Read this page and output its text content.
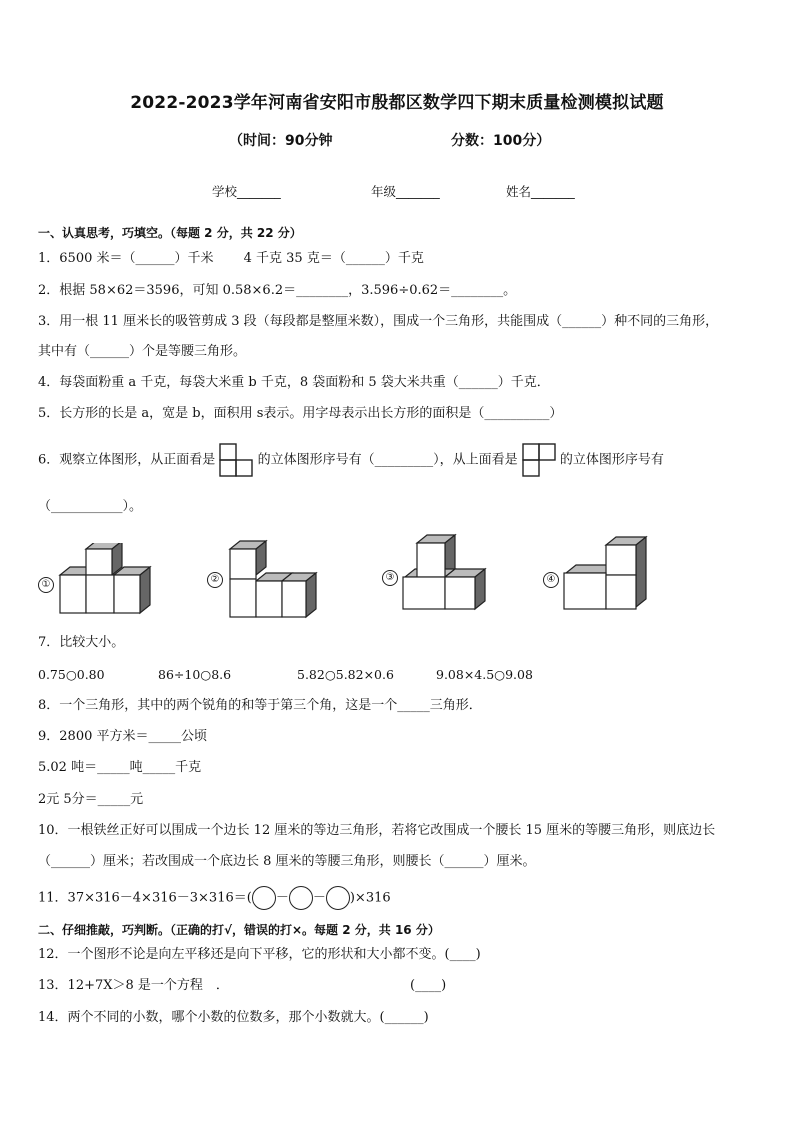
2022-2023学年河南省安阳市殷都区数学四下期末质量检测模拟试题
（时间：90分钟	分数：100分）
学校_______	年级_______	姓名_______
一、认真思考，巧填空。（每题 2 分，共 22 分）
1．6500 米＝（______）千米　 　4 千克 35 克＝（______）千克
2．根据 58×62＝3596，可知 0.58×6.2＝________，3.596÷0.62＝________。
3．用一根 11 厘米长的吸管剪成 3 段（每段都是整厘米数），围成一个三角形，共能围成（______）种不同的三角形，
其中有（______）个是等腰三角形。
4．每袋面粉重 a 千克，每袋大米重 b 千克，8 袋面粉和 5 袋大米共重（______）千克．
5．长方形的长是 a，宽是 b，面积用 s表示。用字母表示出长方形的面积是（__________）
6．观察立体图形，从正面看是	的立体图形序号有（_________），从上面看是	的立体图形序号有
（___________）。
①	②	③	④
7．比较大小。
0.75○0.80	86÷10○8.6	5.82○5.82×0.6	9.08×4.5○9.08
8．一个三角形，其中的两个锐角的和等于第三个角，这是一个_____三角形．
9．2800 平方米＝_____公顷
5.02 吨＝_____吨_____千克
2元 5分＝_____元
10．一根铁丝正好可以围成一个边长 12 厘米的等边三角形，若将它改围成一个腰长 15 厘米的等腰三角形，则底边长
（______）厘米；若改围成一个底边长 8 厘米的等腰三角形，则腰长（______）厘米。
11．37×316－4×316－3×316＝( － － )×316
二、仔细推敲，巧判断。（正确的打√，错误的打×。每题 2 分，共 16 分）
12．一个图形不论是向左平移还是向下平移，它的形状和大小都不变。(____)
13．12+7X＞8 是一个方程　．	(____)
14．两个不同的小数，哪个小数的位数多，那个小数就大。(______)
